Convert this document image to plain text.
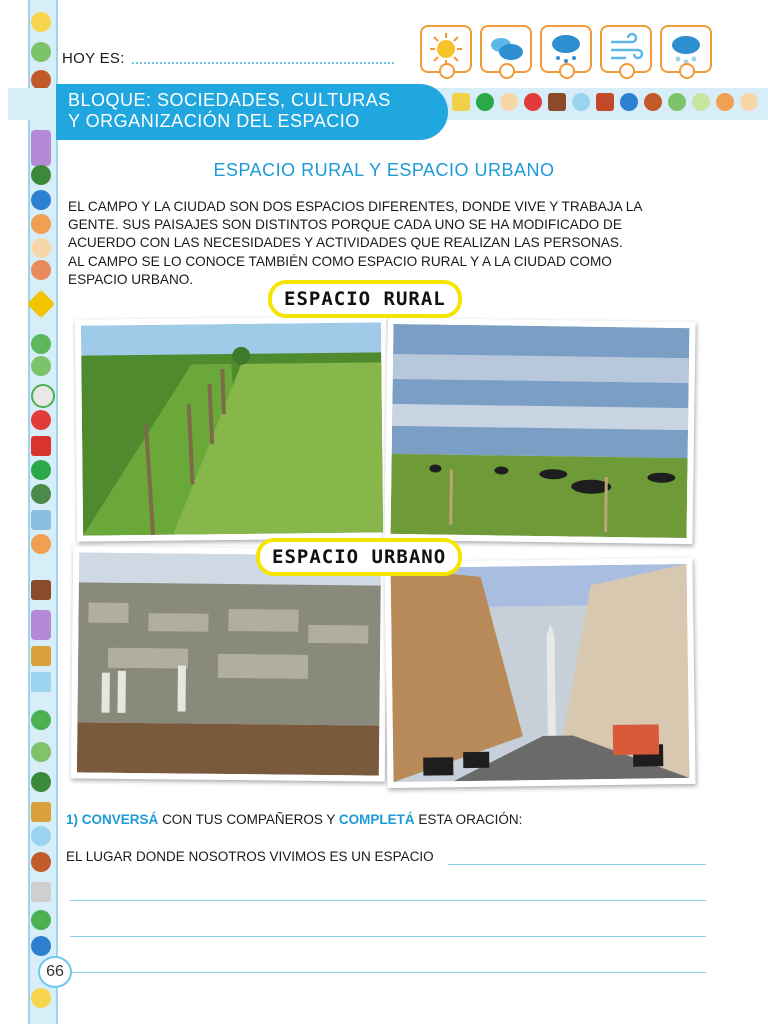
HOY ES:
BLOQUE: SOCIEDADES, CULTURAS
Y ORGANIZACIÓN DEL ESPACIO
ESPACIO RURAL Y ESPACIO URBANO

EL CAMPO Y LA CIUDAD SON DOS ESPACIOS DIFERENTES, DONDE VIVE Y TRABAJA LA GENTE. SUS PAISAJES SON DISTINTOS PORQUE CADA UNO SE HA MODIFICADO DE ACUERDO CON LAS NECESIDADES Y ACTIVIDADES QUE REALIZAN LAS PERSONAS.

AL CAMPO SE LO CONOCE TAMBIÉN COMO ESPACIO RURAL Y A LA CIUDAD COMO ESPACIO URBANO.

ESPACIO RURAL
ESPACIO URBANO
1) CONVERSÁ CON TUS COMPAÑEROS Y COMPLETÁ ESTA ORACIÓN:
EL LUGAR DONDE NOSOTROS VIVIMOS ES UN ESPACIO
66
